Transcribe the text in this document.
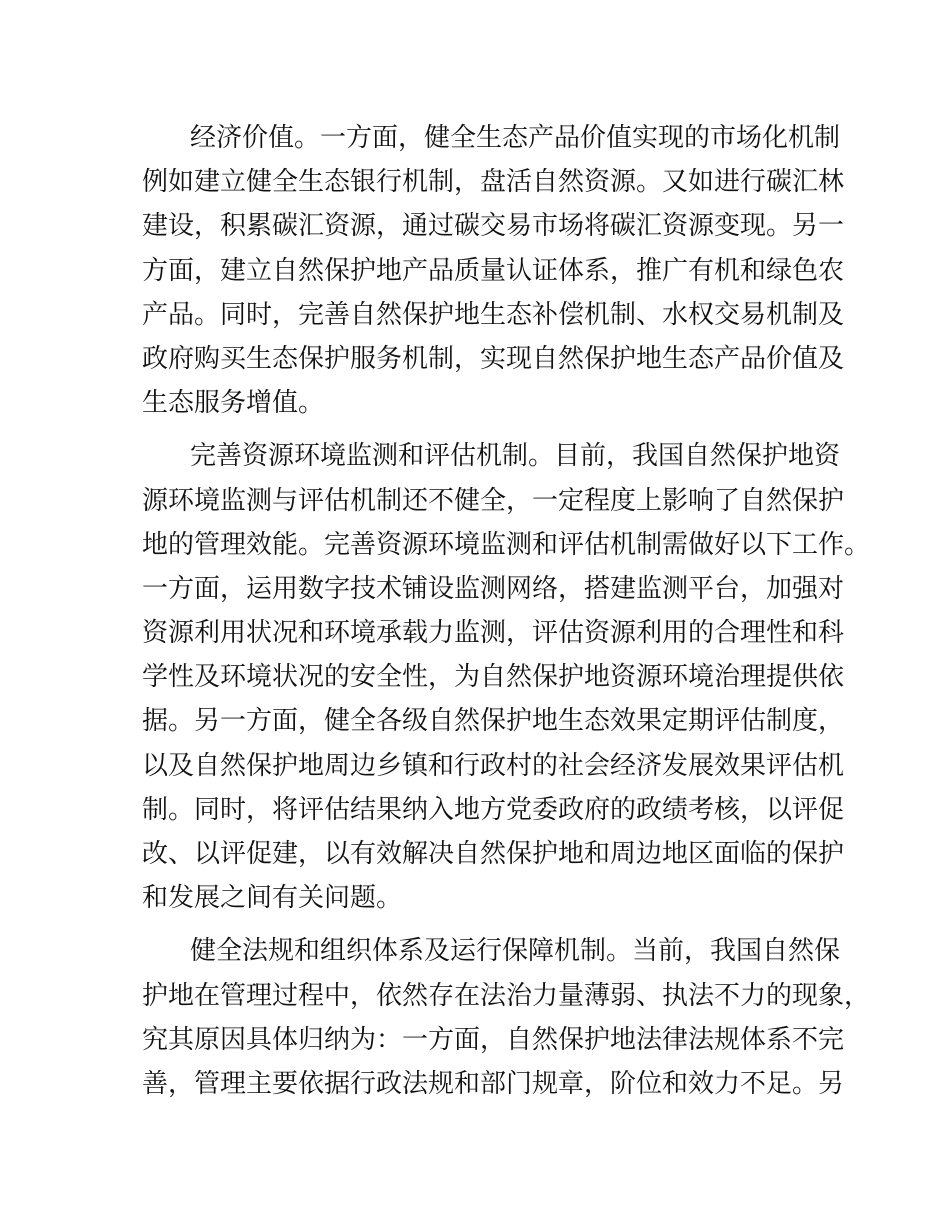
经济价值。一方面，健全生态产品价值实现的市场化机制
例如建立健全生态银行机制，盘活自然资源。又如进行碳汇林
建设，积累碳汇资源，通过碳交易市场将碳汇资源变现。另一
方面，建立自然保护地产品质量认证体系，推广有机和绿色农
产品。同时，完善自然保护地生态补偿机制、水权交易机制及
政府购买生态保护服务机制，实现自然保护地生态产品价值及
生态服务增值。

完善资源环境监测和评估机制。目前，我国自然保护地资
源环境监测与评估机制还不健全，一定程度上影响了自然保护
地的管理效能。完善资源环境监测和评估机制需做好以下工作。
一方面，运用数字技术铺设监测网络，搭建监测平台，加强对
资源利用状况和环境承载力监测，评估资源利用的合理性和科
学性及环境状况的安全性，为自然保护地资源环境治理提供依
据。另一方面，健全各级自然保护地生态效果定期评估制度，
以及自然保护地周边乡镇和行政村的社会经济发展效果评估机
制。同时，将评估结果纳入地方党委政府的政绩考核，以评促
改、以评促建，以有效解决自然保护地和周边地区面临的保护
和发展之间有关问题。

健全法规和组织体系及运行保障机制。当前，我国自然保
护地在管理过程中，依然存在法治力量薄弱、执法不力的现象，
究其原因具体归纳为：一方面，自然保护地法律法规体系不完
善，管理主要依据行政法规和部门规章，阶位和效力不足。另
